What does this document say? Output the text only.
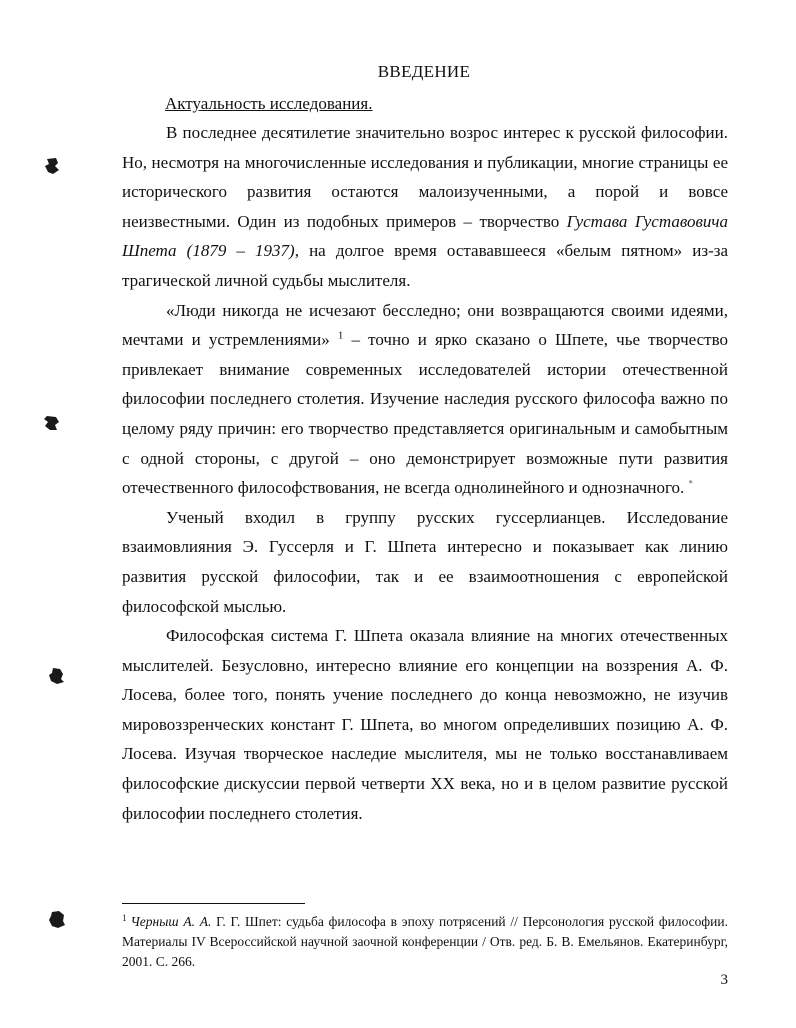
ВВЕДЕНИЕ
Актуальность исследования.

В последнее десятилетие значительно возрос интерес к русской философии. Но, несмотря на многочисленные исследования и публикации, многие страницы ее исторического развития остаются малоизученными, а порой и вовсе неизвестными. Один из подобных примеров – творчество Густава Густавовича Шпета (1879 – 1937), на долгое время остававшееся «белым пятном» из-за трагической личной судьбы мыслителя.

«Люди никогда не исчезают бесследно; они возвращаются своими идеями, мечтами и устремлениями» $^1$ – точно и ярко сказано о Шпете, чье творчество привлекает внимание современных исследователей истории отечественной философии последнего столетия. Изучение наследия русского философа важно по целому ряду причин: его творчество представляется оригинальным и самобытным с одной стороны, с другой – оно демонстрирует возможные пути развития отечественного философствования, не всегда однолинейного и однозначного. *

Ученый входил в группу русских гуссерлианцев. Исследование взаимовлияния Э. Гуссерля и Г. Шпета интересно и показывает как линию развития русской философии, так и ее взаимоотношения с европейской философской мыслью.

Философская система Г. Шпета оказала влияние на многих отечественных мыслителей. Безусловно, интересно влияние его концепции на воззрения А. Ф. Лосева, более того, понять учение последнего до конца невозможно, не изучив мировоззренческих констант Г. Шпета, во многом определивших позицию А. Ф. Лосева. Изучая творческое наследие мыслителя, мы не только восстанавливаем философские дискуссии первой четверти XX века, но и в целом развитие русской философии последнего столетия.

$^1$ Черныш А. А. Г. Г. Шпет: судьба философа в эпоху потрясений // Персонология русской философии. Материалы IV Всероссийской научной заочной конференции / Отв. ред. Б. В. Емельянов. Екатеринбург, 2001. С. 266.
3
